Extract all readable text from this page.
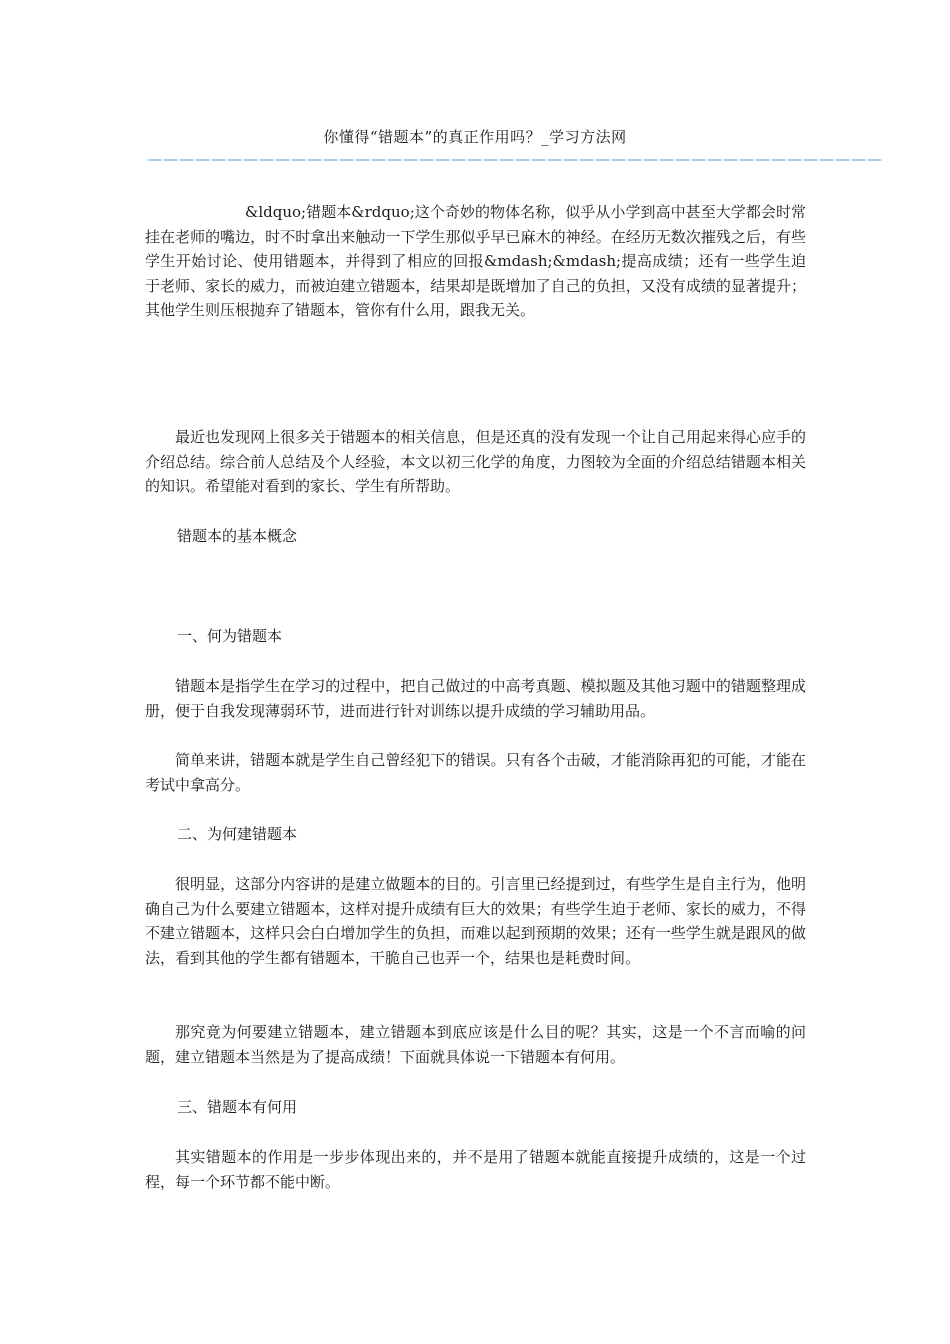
你懂得“错题本”的真正作用吗？_学习方法网
——————————————————————————————————————————————

&ldquo;错题本&rdquo;这个奇妙的物体名称，似乎从小学到高中甚至大学都会时常挂在老师的嘴边，时不时拿出来触动一下学生那似乎早已麻木的神经。在经历无数次摧残之后，有些学生开始讨论、使用错题本，并得到了相应的回报&mdash;&mdash;提高成绩；还有一些学生迫于老师、家长的威力，而被迫建立错题本，结果却是既增加了自己的负担，又没有成绩的显著提升；其他学生则压根抛弃了错题本，管你有什么用，跟我无关。

最近也发现网上很多关于错题本的相关信息，但是还真的没有发现一个让自己用起来得心应手的介绍总结。综合前人总结及个人经验，本文以初三化学的角度，力图较为全面的介绍总结错题本相关的知识。希望能对看到的家长、学生有所帮助。

错题本的基本概念

一、何为错题本

错题本是指学生在学习的过程中，把自己做过的中高考真题、模拟题及其他习题中的错题整理成册，便于自我发现薄弱环节，进而进行针对训练以提升成绩的学习辅助用品。

简单来讲，错题本就是学生自己曾经犯下的错误。只有各个击破，才能消除再犯的可能，才能在考试中拿高分。

二、为何建错题本

很明显，这部分内容讲的是建立做题本的目的。引言里已经提到过，有些学生是自主行为，他明确自己为什么要建立错题本，这样对提升成绩有巨大的效果；有些学生迫于老师、家长的威力，不得不建立错题本，这样只会白白增加学生的负担，而难以起到预期的效果；还有一些学生就是跟风的做法，看到其他的学生都有错题本，干脆自己也弄一个，结果也是耗费时间。

那究竟为何要建立错题本，建立错题本到底应该是什么目的呢？其实，这是一个不言而喻的问题，建立错题本当然是为了提高成绩！下面就具体说一下错题本有何用。

三、错题本有何用

其实错题本的作用是一步步体现出来的，并不是用了错题本就能直接提升成绩的，这是一个过程，每一个环节都不能中断。
